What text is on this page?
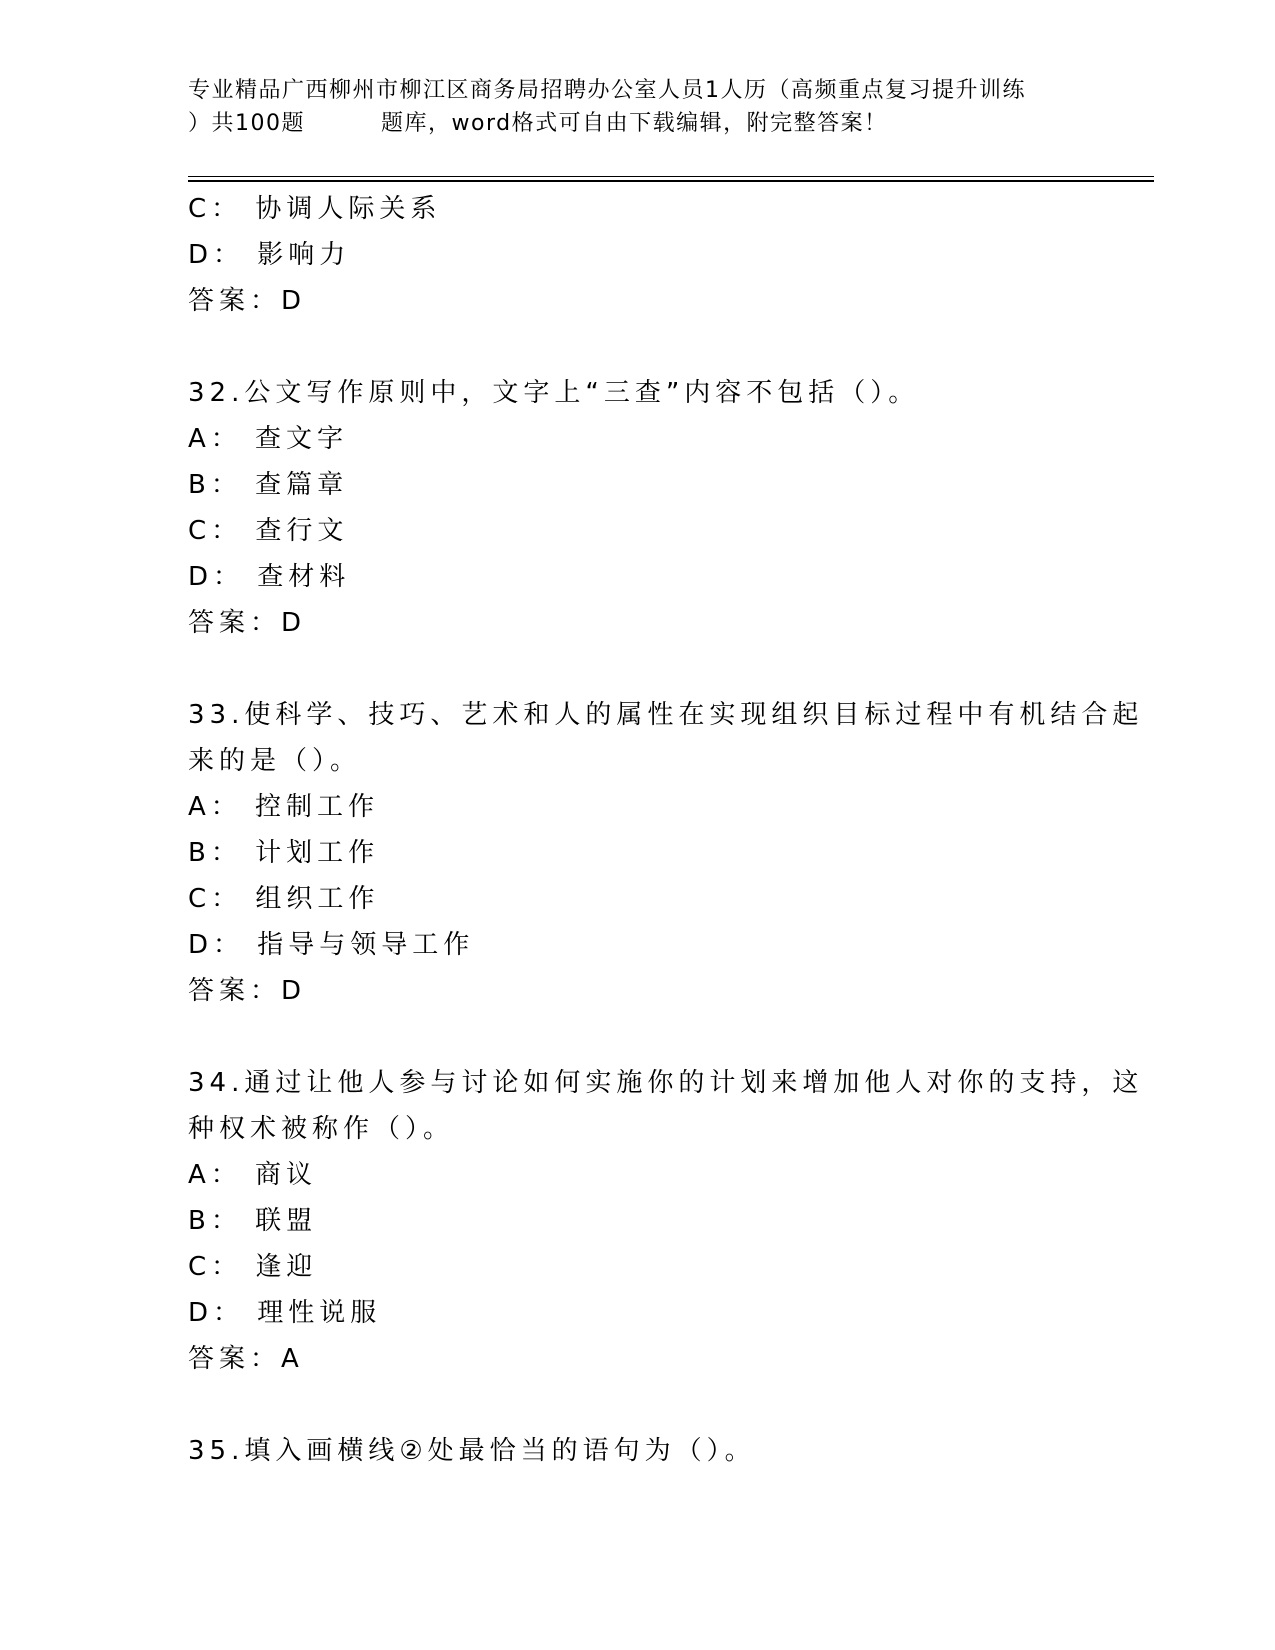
专业精品广西柳州市柳江区商务局招聘办公室人员1人历（高频重点复习提升训练
）共100题	题库，word格式可自由下载编辑，附完整答案！
C： 协调人际关系
D： 影响力
答案：D
32.公文写作原则中，文字上“三查”内容不包括（）。
A： 查文字
B： 查篇章
C： 查行文
D： 查材料
答案：D
33.使科学、技巧、艺术和人的属性在实现组织目标过程中有机结合起
来的是（）。
A： 控制工作
B： 计划工作
C： 组织工作
D： 指导与领导工作
答案：D
34.通过让他人参与讨论如何实施你的计划来增加他人对你的支持，这
种权术被称作（）。
A： 商议
B： 联盟
C： 逢迎
D： 理性说服
答案：A
35.填入画横线②处最恰当的语句为（）。
